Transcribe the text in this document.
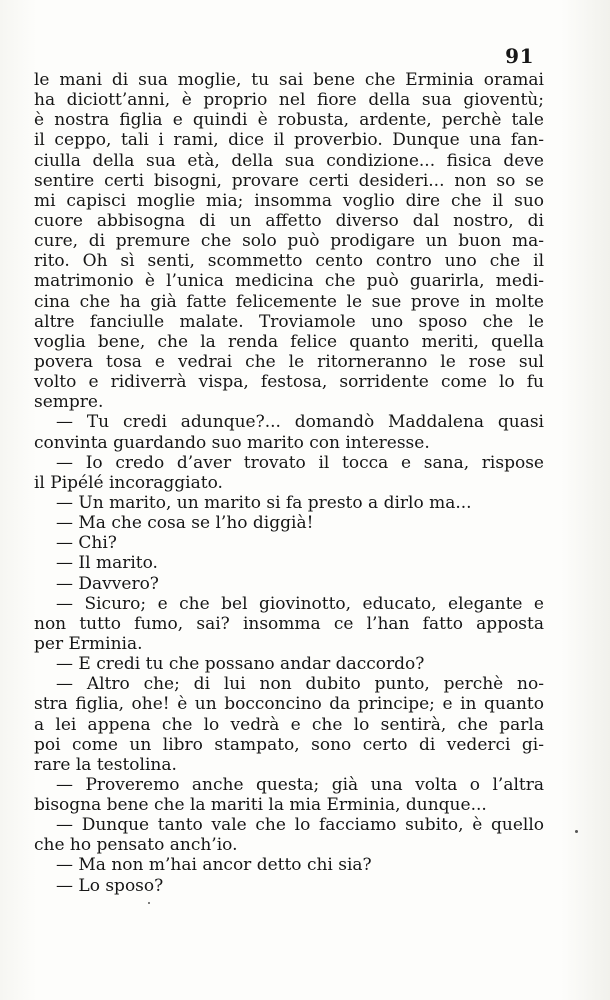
91
le mani di sua moglie, tu sai bene che Erminia oramai
ha diciott’anni, è proprio nel fiore della sua gioventù;
è nostra figlia e quindi è robusta, ardente, perchè tale
il ceppo, tali i rami, dice il proverbio. Dunque una fan-
ciulla della sua età, della sua condizione... fisica deve
sentire certi bisogni, provare certi desideri... non so se
mi capisci moglie mia; insomma voglio dire che il suo
cuore abbisogna di un affetto diverso dal nostro, di
cure, di premure che solo può prodigare un buon ma-
rito. Oh sì senti, scommetto cento contro uno che il
matrimonio è l’unica medicina che può guarirla, medi-
cina che ha già fatte felicemente le sue prove in molte
altre fanciulle malate. Troviamole uno sposo che le
voglia bene, che la renda felice quanto meriti, quella
povera tosa e vedrai che le ritorneranno le rose sul
volto e ridiverrà vispa, festosa, sorridente come lo fu
sempre.
— Tu credi adunque?... domandò Maddalena quasi
convinta guardando suo marito con interesse.
— Io credo d’aver trovato il tocca e sana, rispose
il Pipélé incoraggiato.
— Un marito, un marito si fa presto a dirlo ma...
— Ma che cosa se l’ho diggià!
— Chi?
— Il marito.
— Davvero?
— Sicuro; e che bel giovinotto, educato, elegante e
non tutto fumo, sai? insomma ce l’han fatto apposta
per Erminia.
— E credi tu che possano andar daccordo?
— Altro che; di lui non dubito punto, perchè no-
stra figlia, ohe! è un bocconcino da principe; e in quanto
a lei appena che lo vedrà e che lo sentirà, che parla
poi come un libro stampato, sono certo di vederci gi-
rare la testolina.
— Proveremo anche questa; già una volta o l’altra
bisogna bene che la mariti la mia Erminia, dunque...
— Dunque tanto vale che lo facciamo subito, è quello
che ho pensato anch’io.
— Ma non m’hai ancor detto chi sia?
— Lo sposo?
